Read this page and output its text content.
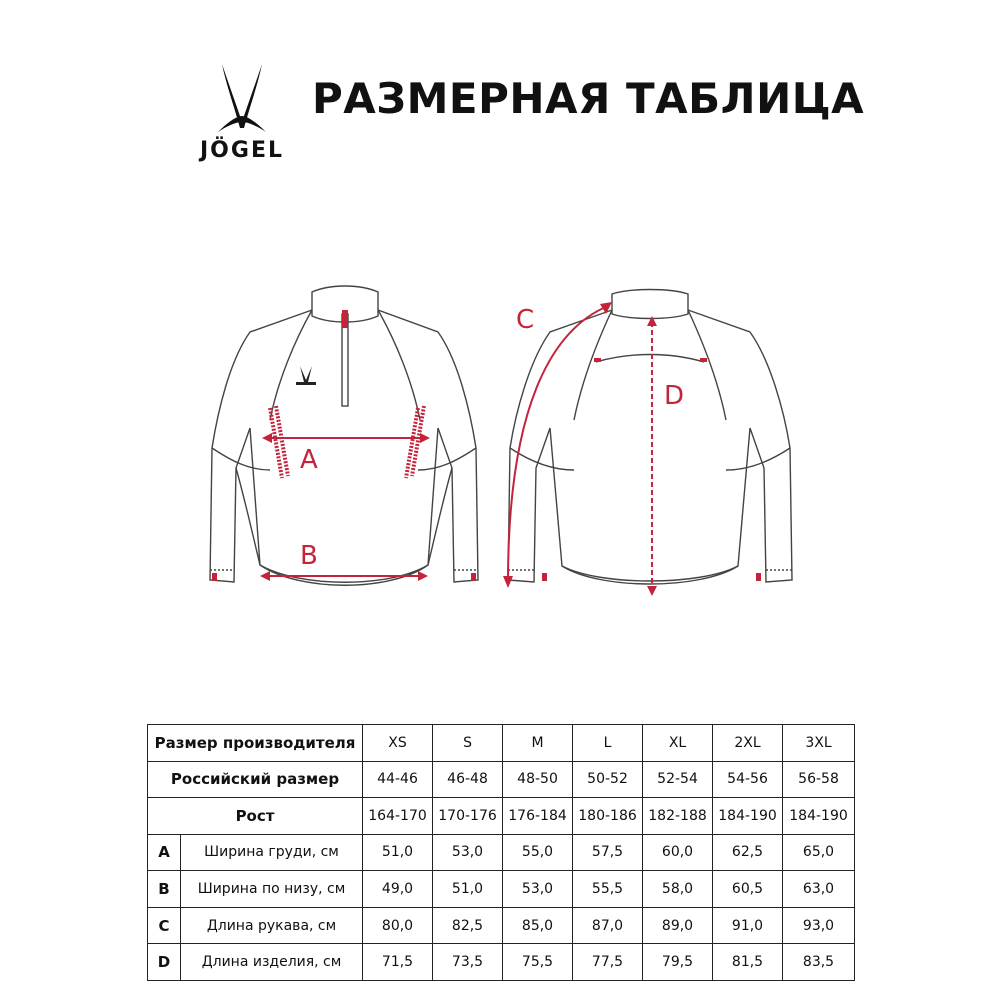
JÖGEL
РАЗМЕРНАЯ ТАБЛИЦА
A
B
C
D
Размер производителя		XS	S	M	L	XL	2XL	3XL
Российский размер		44-46	46-48	48-50	50-52	52-54	54-56	56-58
Рост		164-170	170-176	176-184	180-186	182-188	184-190	184-190
A	Ширина груди, см	51,0	53,0	55,0	57,5	60,0	62,5	65,0
B	Ширина по низу, см	49,0	51,0	53,0	55,5	58,0	60,5	63,0
C	Длина рукава, см	80,0	82,5	85,0	87,0	89,0	91,0	93,0
D	Длина изделия, см	71,5	73,5	75,5	77,5	79,5	81,5	83,5
